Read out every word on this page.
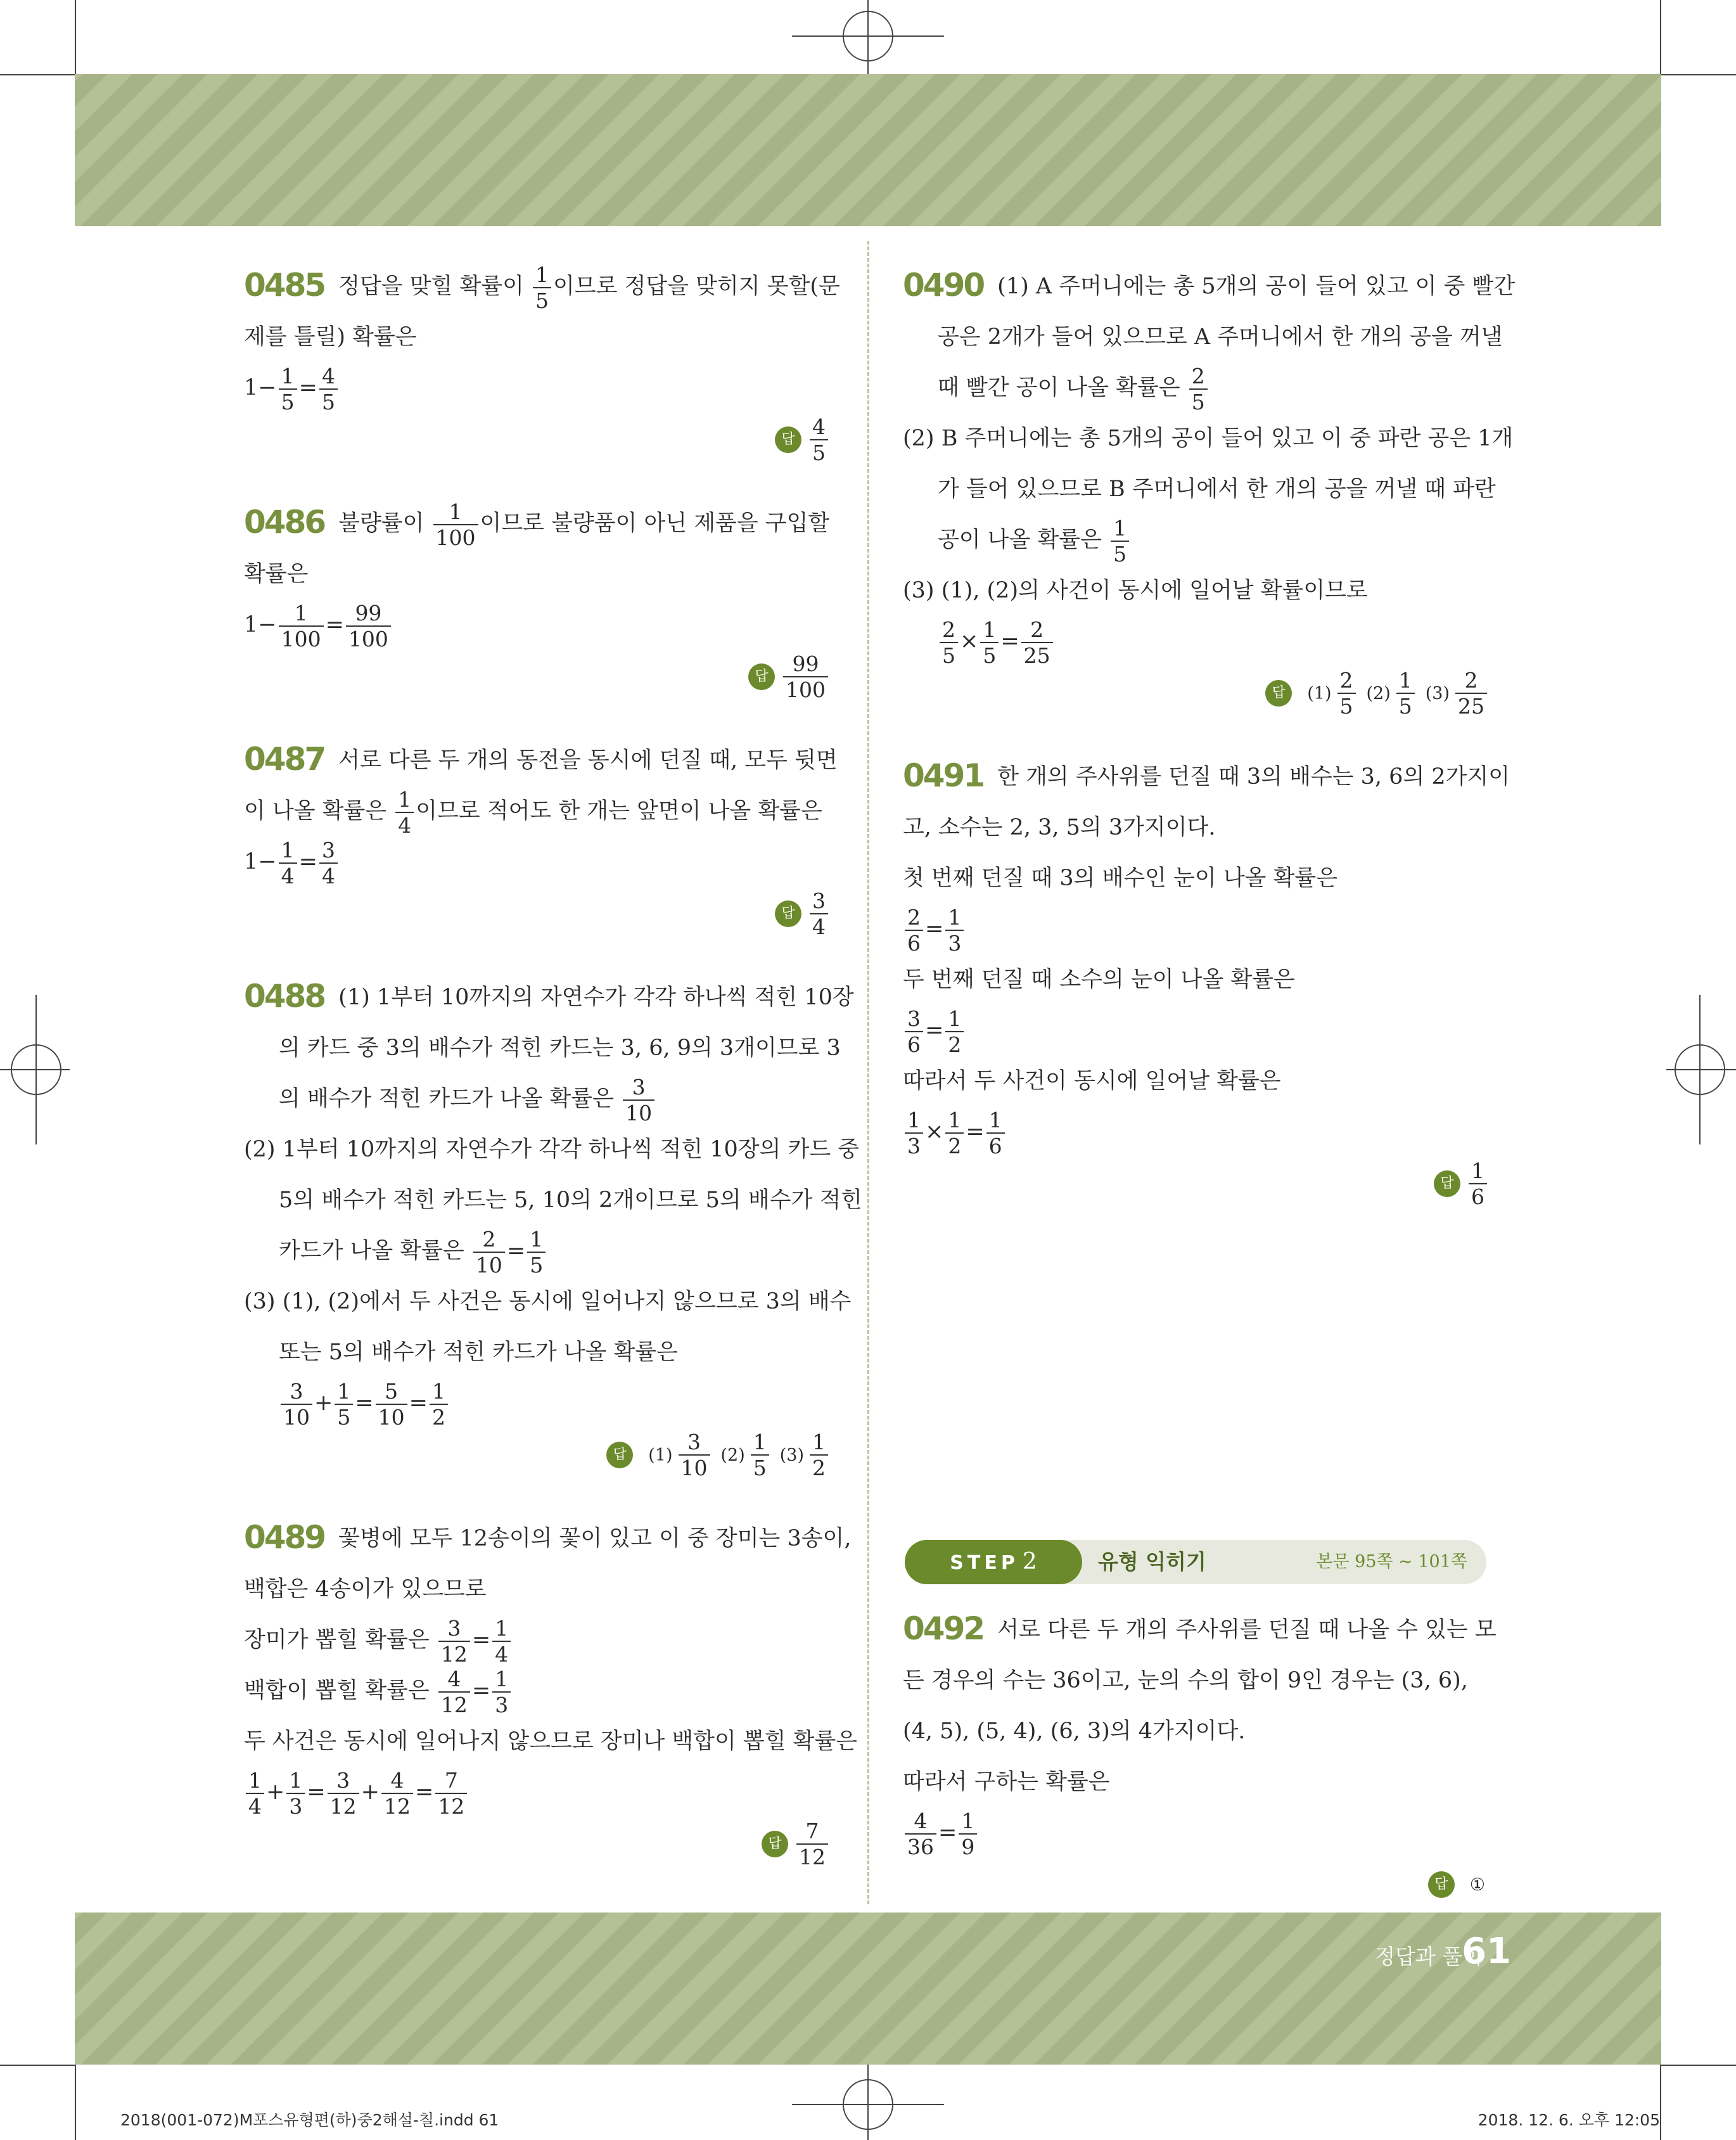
0485 정답을 맞힐 확률이 $\frac{1}{5}$ 이므로 정답을 맞히지 못할(문
제를 틀릴) 확률은
$1- \frac{1}{5} = \frac{4}{5}$
답 $\frac{4}{5}$
0486 불량률이 $\frac{1}{100}$ 이므로 불량품이 아닌 제품을 구입할
확률은
$1- \frac{1}{100} = \frac{99}{100}$
답 $\frac{99}{100}$
0487 서로 다른 두 개의 동전을 동시에 던질 때, 모두 뒷면
이 나올 확률은 $\frac{1}{4}$ 이므로 적어도 한 개는 앞면이 나올 확률은
$1- \frac{1}{4} = \frac{3}{4}$
답 $\frac{3}{4}$
0488 (1) 1부터 10까지의 자연수가 각각 하나씩 적힌 10장
의 카드 중 3의 배수가 적힌 카드는 3, 6, 9의 3개이므로 3
의 배수가 적힌 카드가 나올 확률은 $\frac{3}{10}$
(2) 1부터 10까지의 자연수가 각각 하나씩 적힌 10장의 카드 중
5의 배수가 적힌 카드는 5, 10의 2개이므로 5의 배수가 적힌
카드가 나올 확률은 $\frac{2}{10} = \frac{1}{5}$
(3) (1), (2)에서 두 사건은 동시에 일어나지 않으므로 3의 배수
또는 5의 배수가 적힌 카드가 나올 확률은
$\frac{3}{10} + \frac{1}{5} = \frac{5}{10} = \frac{1}{2}$
답 $(1) \frac{3}{10} (2) \frac{1}{5} (3) \frac{1}{2}$
0489 꽃병에 모두 12송이의 꽃이 있고 이 중 장미는 3송이,
백합은 4송이가 있으므로
장미가 뽑힐 확률은 $\frac{3}{12} = \frac{1}{4}$
백합이 뽑힐 확률은 $\frac{4}{12} = \frac{1}{3}$
두 사건은 동시에 일어나지 않으므로 장미나 백합이 뽑힐 확률은
$\frac{1}{4} + \frac{1}{3} = \frac{3}{12} + \frac{4}{12} = \frac{7}{12}$
답 $\frac{7}{12}$
0490 (1) A 주머니에는 총 5개의 공이 들어 있고 이 중 빨간
공은 2개가 들어 있으므로 A 주머니에서 한 개의 공을 꺼낼
때 빨간 공이 나올 확률은 $\frac{2}{5}$
(2) B 주머니에는 총 5개의 공이 들어 있고 이 중 파란 공은 1개
가 들어 있으므로 B 주머니에서 한 개의 공을 꺼낼 때 파란
공이 나올 확률은 $\frac{1}{5}$
(3) (1), (2)의 사건이 동시에 일어날 확률이므로
$\frac{2}{5} \times \frac{1}{5} = \frac{2}{25}$
답 $(1) \frac{2}{5} (2) \frac{1}{5} (3) \frac{2}{25}$
0491 한 개의 주사위를 던질 때 3의 배수는 3, 6의 2가지이
고, 소수는 2, 3, 5의 3가지이다.
첫 번째 던질 때 3의 배수인 눈이 나올 확률은
$\frac{2}{6} = \frac{1}{3}$
두 번째 던질 때 소수의 눈이 나올 확률은
$\frac{3}{6} = \frac{1}{2}$
따라서 두 사건이 동시에 일어날 확률은
$\frac{1}{3} \times \frac{1}{2} = \frac{1}{6}$
답 $\frac{1}{6}$
0492 서로 다른 두 개의 주사위를 던질 때 나올 수 있는 모
든 경우의 수는 36이고, 눈의 수의 합이 9인 경우는 (3, 6),
(4, 5), (5, 4), (6, 3)의 4가지이다.
따라서 구하는 확률은
$\frac{4}{36} = \frac{1}{9}$
답 ①
STEP 2	유형 익히기	본문 95쪽 ~ 101쪽
정답과 풀이
61
2018(001-072)M포스유형편(하)중2해설-칠.indd 61	2018. 12. 6. 오후 12:05
